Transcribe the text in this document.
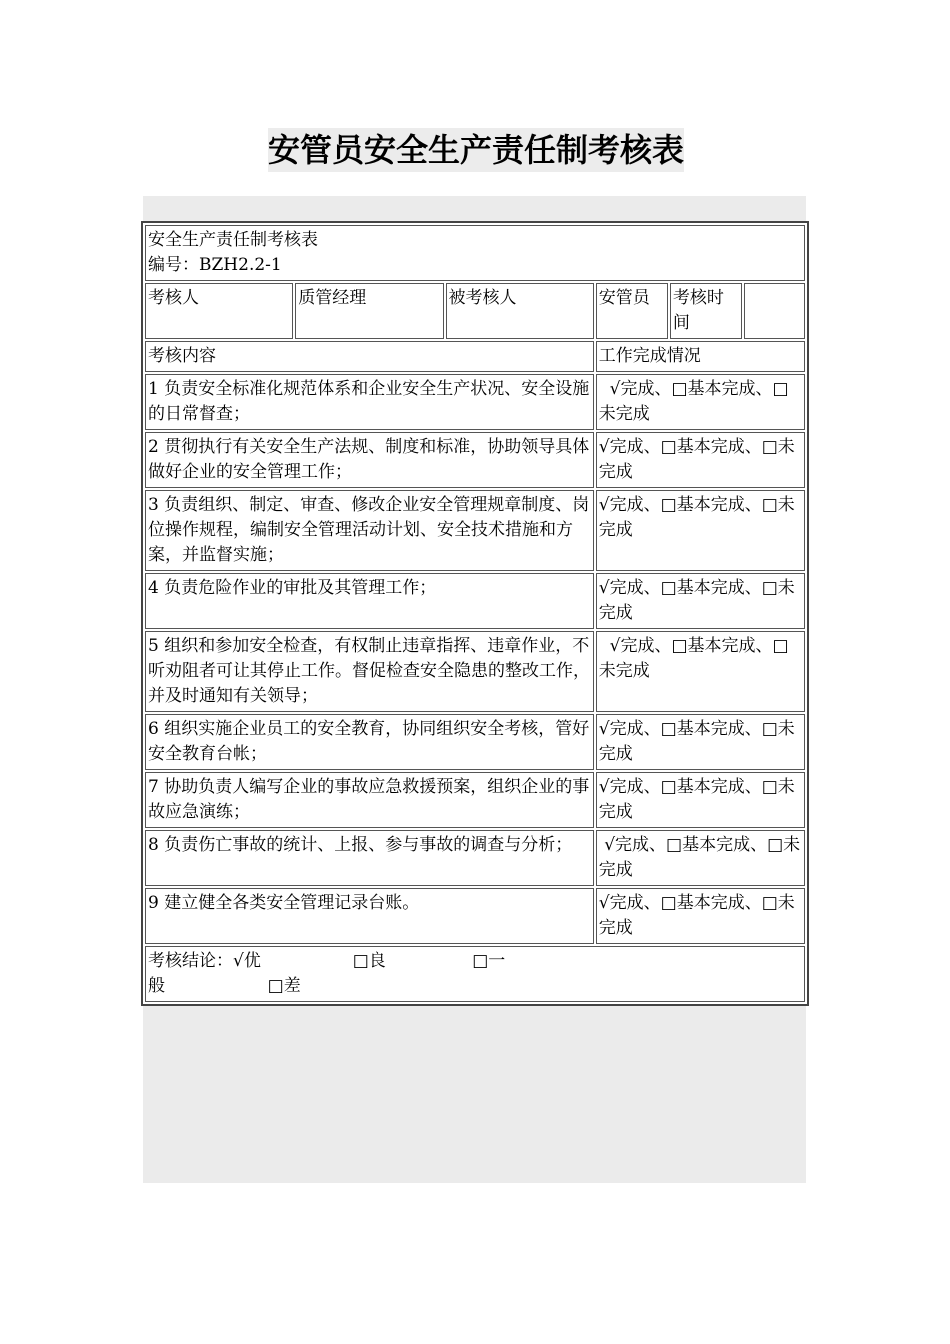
安管员安全生产责任制考核表
安全生产责任制考核表
编号：BZH2.2-1					

考核人	质管经理	被考核人	安管员	考核时间	
考核内容			工作完成情况		
1 负责安全标准化规范体系和企业安全生产状况、安全设施的日常督查；			√完成、□基本完成、□未完成		
2 贯彻执行有关安全生产法规、制度和标准，协助领导具体做好企业的安全管理工作；			√完成、□基本完成、□未完成		
3 负责组织、制定、审查、修改企业安全管理规章制度、岗位操作规程，编制安全管理活动计划、安全技术措施和方案，并监督实施；			√完成、□基本完成、□未完成		
4 负责危险作业的审批及其管理工作；			√完成、□基本完成、□未完成		
5 组织和参加安全检查，有权制止违章指挥、违章作业，不听劝阻者可让其停止工作。督促检查安全隐患的整改工作，并及时通知有关领导；			√完成、□基本完成、□未完成		
6 组织实施企业员工的安全教育，协同组织安全考核，管好安全教育台帐；			√完成、□基本完成、□未完成		
7 协助负责人编写企业的事故应急救援预案，组织企业的事故应急演练；			√完成、□基本完成、□未完成		
8 负责伤亡事故的统计、上报、参与事故的调查与分析；			√完成、□基本完成、□未完成		
9 建立健全各类安全管理记录台账。			√完成、□基本完成、□未完成		

考核结论：√优                 □良                □一
般                   □差					
